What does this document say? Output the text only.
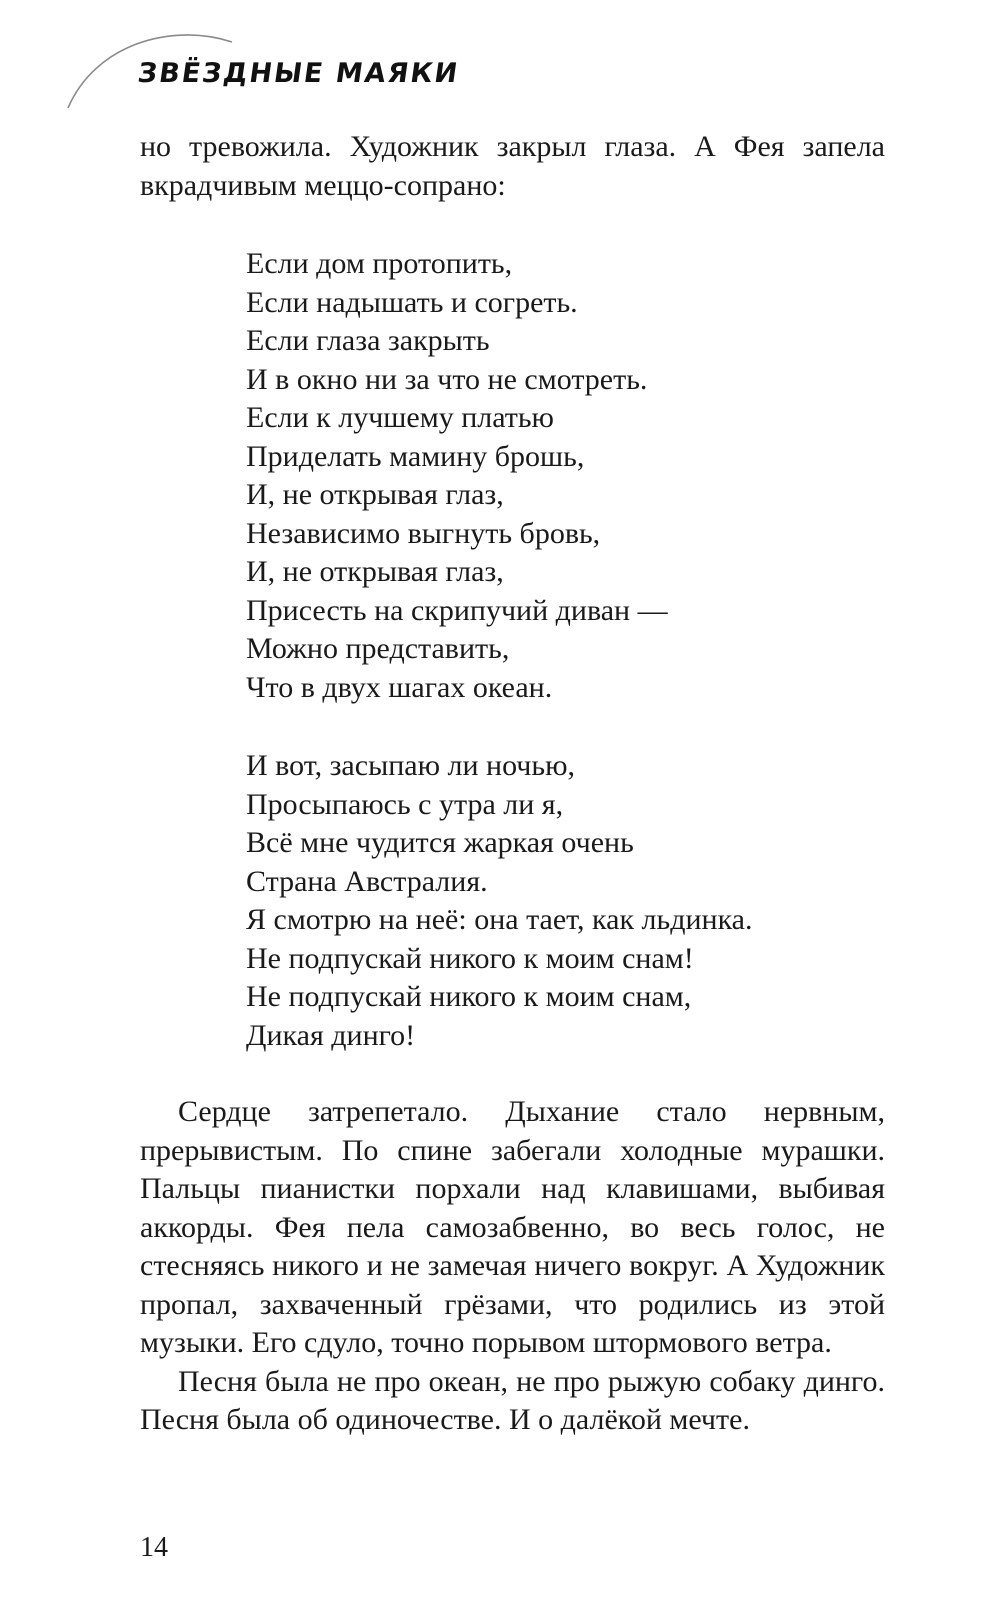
ЗВЁЗДНЫЕ МАЯКИ

но тревожила. Художник закрыл глаза. А Фея запела вкрадчивым меццо-сопрано:

Если дом протопить,
Если надышать и согреть.
Если глаза закрыть
И в окно ни за что не смотреть.
Если к лучшему платью
Приделать мамину брошь,
И, не открывая глаз,
Независимо выгнуть бровь,
И, не открывая глаз,
Присесть на скрипучий диван —
Можно представить,
Что в двух шагах океан.
И вот, засыпаю ли ночью,
Просыпаюсь с утра ли я,
Всё мне чудится жаркая очень
Страна Австралия.
Я смотрю на неё: она тает, как льдинка.
Не подпускай никого к моим снам!
Не подпускай никого к моим снам,
Дикая динго!

Сердце затрепетало. Дыхание стало нервным, прерывистым. По спине забегали холодные мурашки. Пальцы пианистки порхали над клавишами, выбивая аккорды. Фея пела самозабвенно, во весь голос, не стесняясь никого и не замечая ничего вокруг. А Художник пропал, захваченный грёзами, что родились из этой музыки. Его сдуло, точно порывом штормового ветра.

Песня была не про океан, не про рыжую собаку динго. Песня была об одиночестве. И о далёкой мечте.

14
